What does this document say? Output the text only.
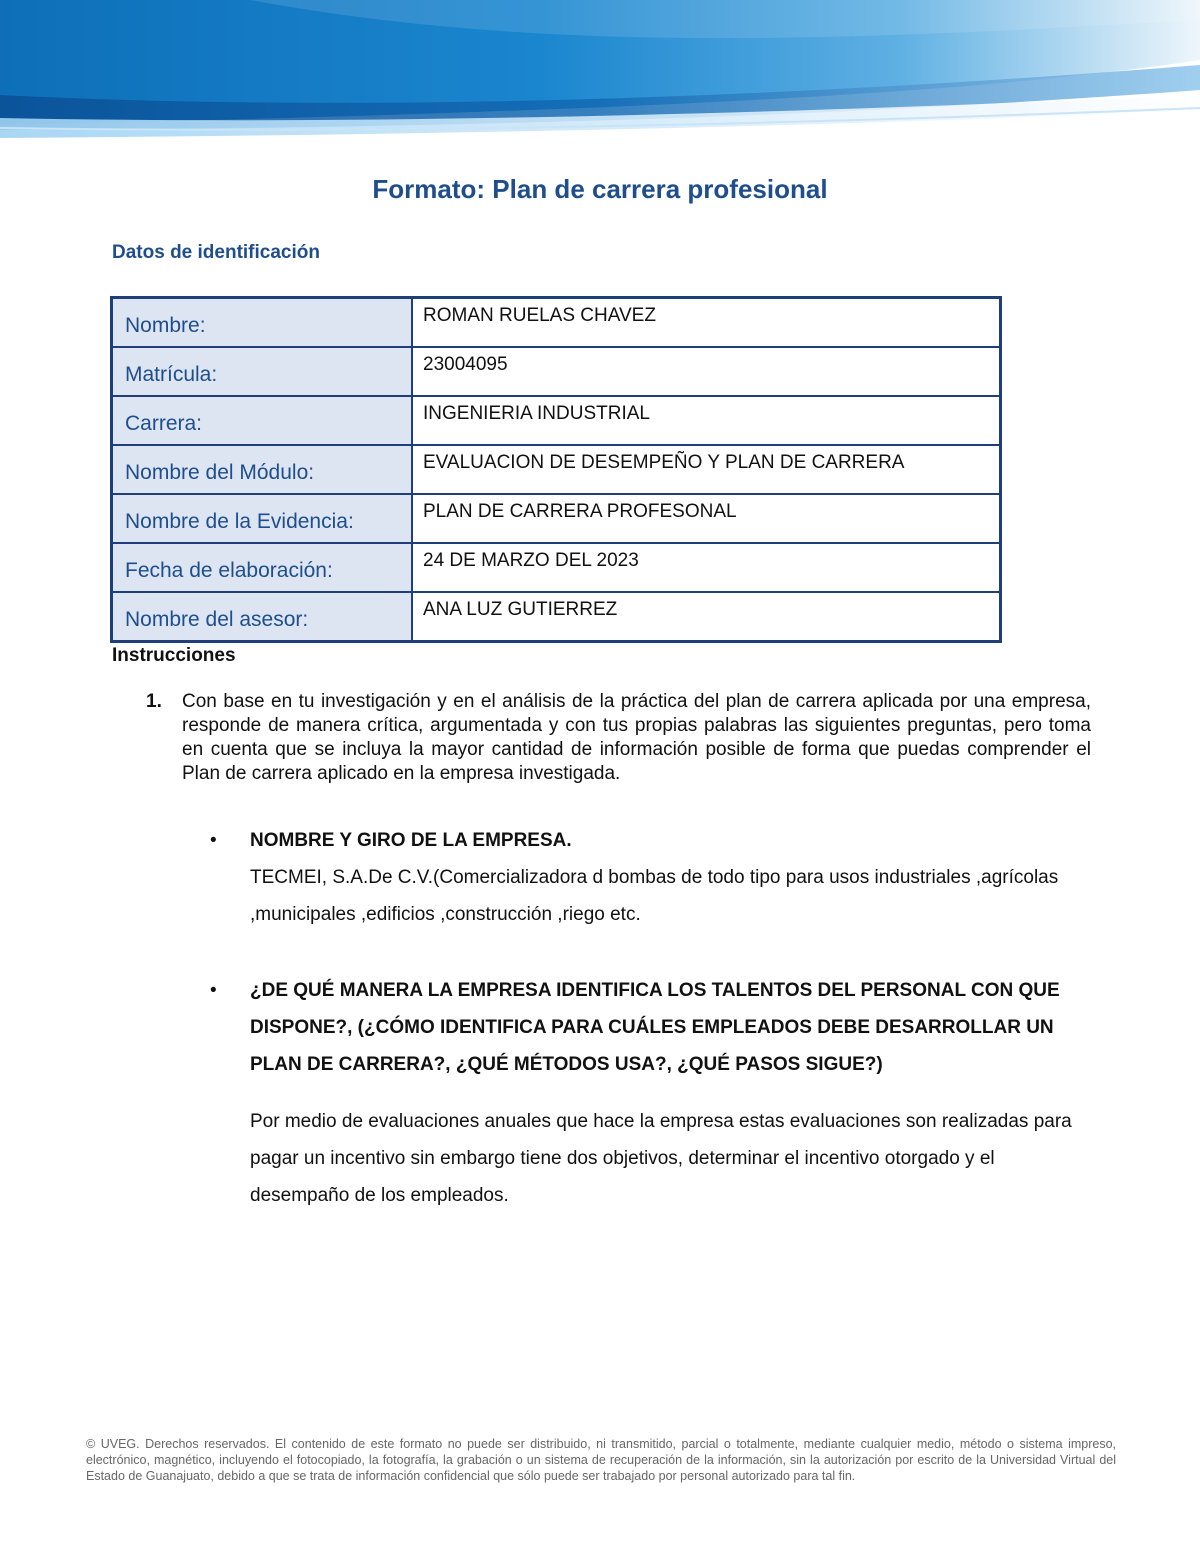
Formato: Plan de carrera profesional
Datos de identificación
Nombre:	ROMAN RUELAS CHAVEZ
Matrícula:	23004095
Carrera:	INGENIERIA INDUSTRIAL
Nombre del Módulo:	EVALUACION DE DESEMPEÑO Y PLAN DE CARRERA
Nombre de la Evidencia:	PLAN DE CARRERA PROFESONAL
Fecha de elaboración:	24 DE MARZO DEL 2023
Nombre del asesor:	ANA LUZ GUTIERREZ
Instrucciones
1. Con base en tu investigación y en el análisis de la práctica del plan de carrera aplicada por una empresa, responde de manera crítica, argumentada y con tus propias palabras las siguientes preguntas, pero toma en cuenta que se incluya la mayor cantidad de información posible de forma que puedas comprender el Plan de carrera aplicado en la empresa investigada.
• NOMBRE Y GIRO DE LA EMPRESA.
TECMEI, S.A.De C.V.(Comercializadora d bombas de todo tipo para usos industriales ,agrícolas ,municipales ,edificios ,construcción ,riego etc.
• ¿DE QUÉ MANERA LA EMPRESA IDENTIFICA LOS TALENTOS DEL PERSONAL CON QUE DISPONE?, (¿CÓMO IDENTIFICA PARA CUÁLES EMPLEADOS DEBE DESARROLLAR UN PLAN DE CARRERA?, ¿QUÉ MÉTODOS USA?, ¿QUÉ PASOS SIGUE?)
Por medio de evaluaciones anuales que hace la empresa estas evaluaciones son realizadas para pagar un incentivo sin embargo tiene dos objetivos, determinar el incentivo otorgado y el desempaño de los empleados.
© UVEG. Derechos reservados. El contenido de este formato no puede ser distribuido, ni transmitido, parcial o totalmente, mediante cualquier medio, método o sistema impreso, electrónico, magnético, incluyendo el fotocopiado, la fotografía, la grabación o un sistema de recuperación de la información, sin la autorización por escrito de la Universidad Virtual del Estado de Guanajuato, debido a que se trata de información confidencial que sólo puede ser trabajado por personal autorizado para tal fin.
